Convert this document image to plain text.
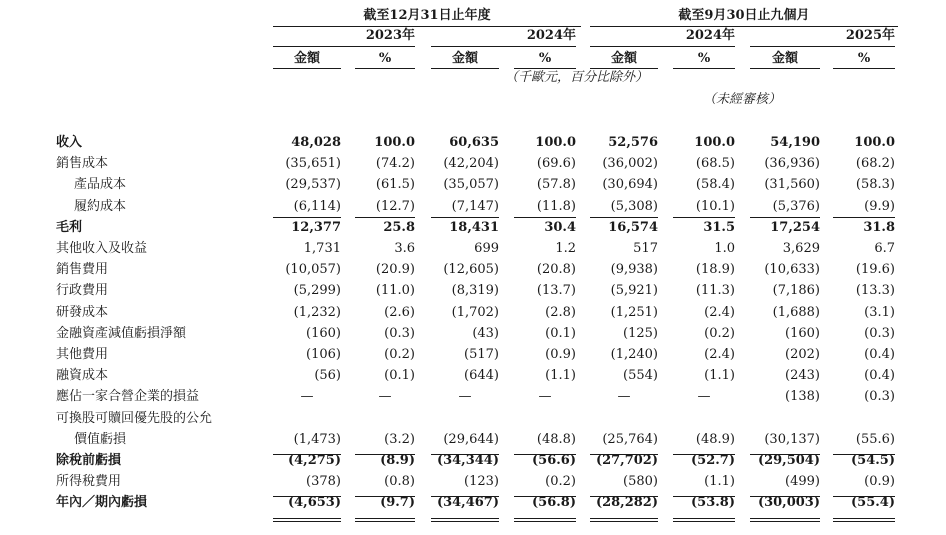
截至12月31日止年度	截至9月30日止九個月
2023年	2024年	2024年	2025年
金額	%	金額	%	金額	%	金額	%
（千歐元，百分比除外）
（未經審核）
收入	48,028	100.0	60,635	100.0	52,576	100.0	54,190	100.0
銷售成本	(35,651)	(74.2)	(42,204)	(69.6)	(36,002)	(68.5)	(36,936)	(68.2)
產品成本	(29,537)	(61.5)	(35,057)	(57.8)	(30,694)	(58.4)	(31,560)	(58.3)
履約成本	(6,114)	(12.7)	(7,147)	(11.8)	(5,308)	(10.1)	(5,376)	(9.9)
毛利	12,377	25.8	18,431	30.4	16,574	31.5	17,254	31.8
其他收入及收益	1,731	3.6	699	1.2	517	1.0	3,629	6.7
銷售費用	(10,057)	(20.9)	(12,605)	(20.8)	(9,938)	(18.9)	(10,633)	(19.6)
行政費用	(5,299)	(11.0)	(8,319)	(13.7)	(5,921)	(11.3)	(7,186)	(13.3)
研發成本	(1,232)	(2.6)	(1,702)	(2.8)	(1,251)	(2.4)	(1,688)	(3.1)
金融資產減值虧損淨額	(160)	(0.3)	(43)	(0.1)	(125)	(0.2)	(160)	(0.3)
其他費用	(106)	(0.2)	(517)	(0.9)	(1,240)	(2.4)	(202)	(0.4)
融資成本	(56)	(0.1)	(644)	(1.1)	(554)	(1.1)	(243)	(0.4)
應佔一家合營企業的損益	—	—	—	—	—	—	(138)	(0.3)
可換股可贖回優先股的公允
價值虧損	(1,473)	(3.2)	(29,644)	(48.8)	(25,764)	(48.9)	(30,137)	(55.6)
除稅前虧損	(4,275)	(8.9)	(34,344)	(56.6)	(27,702)	(52.7)	(29,504)	(54.5)
所得稅費用	(378)	(0.8)	(123)	(0.2)	(580)	(1.1)	(499)	(0.9)
年內／期內虧損	(4,653)	(9.7)	(34,467)	(56.8)	(28,282)	(53.8)	(30,003)	(55.4)
